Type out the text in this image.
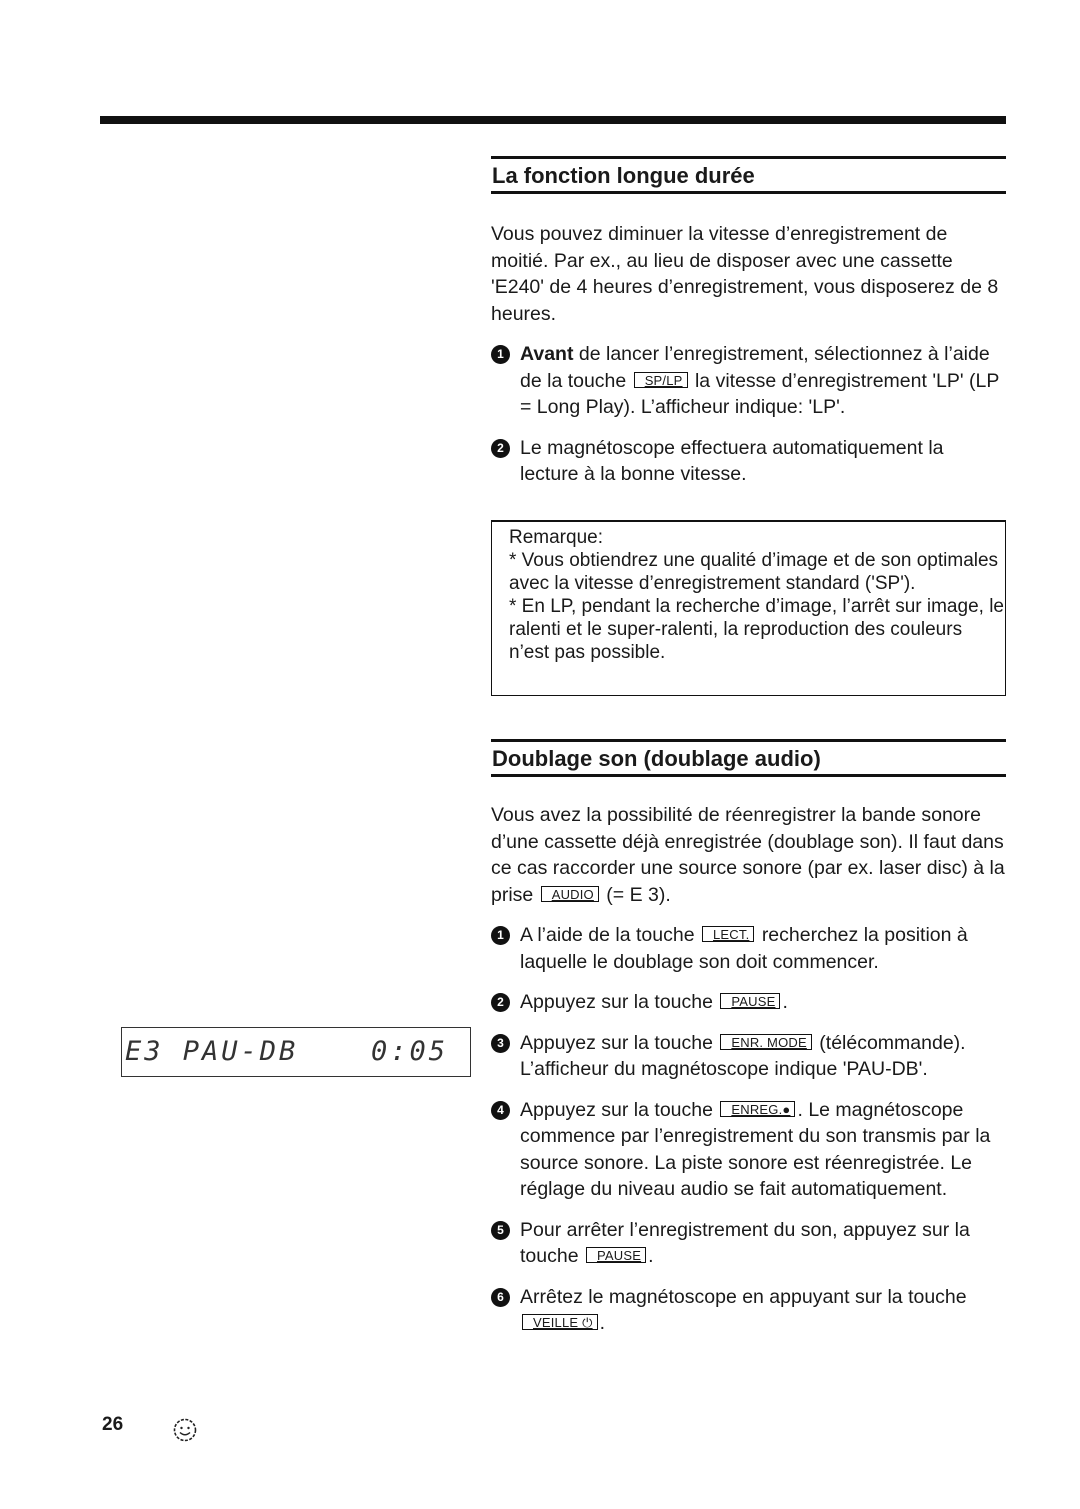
La fonction longue durée

Vous pouvez diminuer la vitesse d’enregistrement de moitié. Par ex., au lieu de disposer avec une cassette 'E240' de 4 heures d’enregistrement, vous disposerez de 8 heures.

1 Avant de lancer l’enregistrement, sélectionnez à l’aide de la touche SP/LP la vitesse d’enregistrement 'LP' (LP = Long Play). L’afficheur indique: 'LP'.
2 Le magnétoscope effectuera automatiquement la lecture à la bonne vitesse.
Remarque:
* Vous obtiendrez une qualité d’image et de son optimales avec la vitesse d’enregistrement standard ('SP').
* En LP, pendant la recherche d’image, l’arrêt sur image, le ralenti et le super-ralenti, la reproduction des couleurs n’est pas possible.
Doublage son (doublage audio)

Vous avez la possibilité de réenregistrer la bande sonore d’une cassette déjà enregistrée (doublage son). Il faut dans ce cas raccorder une source sonore (par ex. laser disc) à la prise AUDIO (= E 3).

1 A l’aide de la touche LECT. recherchez la position à laquelle le doublage son doit commencer.
2 Appuyez sur la touche PAUSE .
3 Appuyez sur la touche ENR. MODE (télécommande). L’afficheur du magnétoscope indique 'PAU-DB'.
4 Appuyez sur la touche ENREG.● . Le magnétoscope commence par l’enregistrement du son transmis par la source sonore. La piste sonore est réenregistrée. Le réglage du niveau audio se fait automatiquement.
5 Pour arrêter l’enregistrement du son, appuyez sur la touche PAUSE .
6 Arrêtez le magnétoscope en appuyant sur la touche VEILLE ⏻ .
E3 PAU-DB	0:05
26
